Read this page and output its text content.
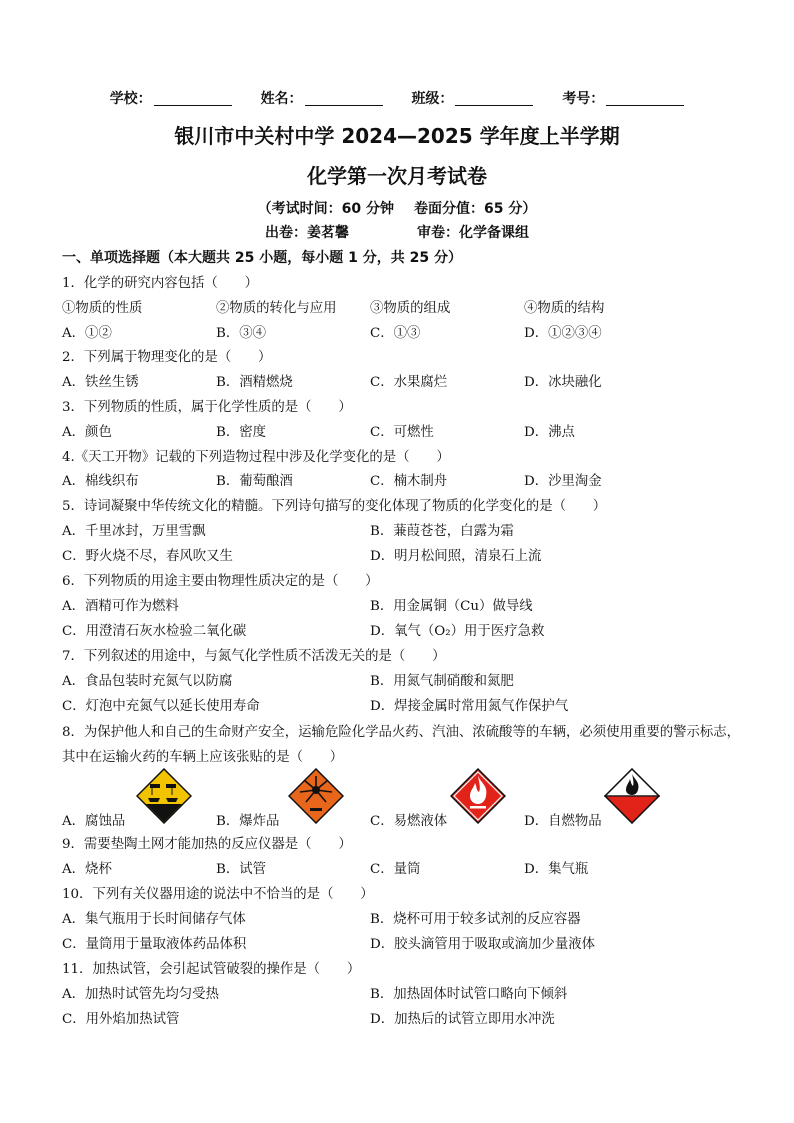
学校：	姓名：	班级：	考号：
银川市中关村中学 2024—2025 学年度上半学期
化学第一次月考试卷
（考试时间：60 分钟 卷面分值：65 分）
出卷：姜茗馨	审卷：化学备课组
一、单项选择题（本大题共 25 小题，每小题 1 分，共 25 分）
1．化学的研究内容包括（　　）
①物质的性质	②物质的转化与应用 ③物质的组成	④物质的结构
A．①②	B．③④	C．①③	D．①②③④
2．下列属于物理变化的是（　　）
A．铁丝生锈	B．酒精燃烧	C．水果腐烂	D．冰块融化
3．下列物质的性质，属于化学性质的是（　　）
A．颜色	B．密度	C．可燃性	D．沸点
4.《天工开物》记载的下列造物过程中涉及化学变化的是（　　）
A．棉线织布	B．葡萄酿酒	C．楠木制舟	D．沙里淘金
5．诗词凝聚中华传统文化的精髓。下列诗句描写的变化体现了物质的化学变化的是（　　）
A．千里冰封，万里雪飘	B．蒹葭苍苍，白露为霜
C．野火烧不尽，春风吹又生	D．明月松间照，清泉石上流
6．下列物质的用途主要由物理性质决定的是（　　）
A．酒精可作为燃料	B．用金属铜（Cu）做导线
C．用澄清石灰水检验二氧化碳	D．氧气（O₂）用于医疗急救
7．下列叙述的用途中，与氮气化学性质不活泼无关的是（　　）
A．食品包装时充氮气以防腐	B．用氮气制硝酸和氮肥
C．灯泡中充氮气以延长使用寿命	D．焊接金属时常用氮气作保护气
8．为保护他人和自己的生命财产安全，运输危险化学品火药、汽油、浓硫酸等的车辆，必须使用重要的警示标志，其中在运输火药的车辆上应该张贴的是（　　）
A．腐蚀品	B．爆炸品	C．易燃液体	D．自燃物品
9．需要垫陶土网才能加热的反应仪器是（　　）
A．烧杯	B．试管	C．量筒	D．集气瓶
10．下列有关仪器用途的说法中不恰当的是（　　）
A．集气瓶用于长时间储存气体	B．烧杯可用于较多试剂的反应容器
C．量筒用于量取液体药品体积	D．胶头滴管用于吸取或滴加少量液体
11．加热试管，会引起试管破裂的操作是（　　）
A．加热时试管先均匀受热	B．加热固体时试管口略向下倾斜
C．用外焰加热试管	D．加热后的试管立即用水冲洗
